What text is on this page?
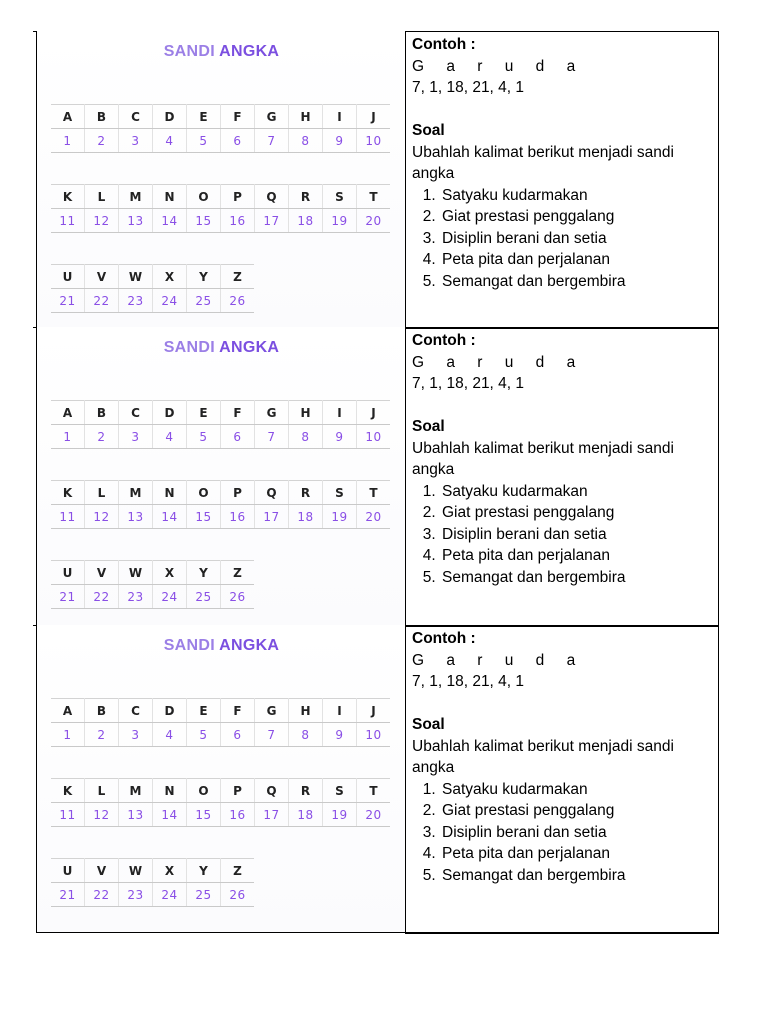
SANDI ANGKA
A	B	C	D	E	F	G	H	I	J
1	2	3	4	5	6	7	8	9	10
K	L	M	N	O	P	Q	R	S	T
11	12	13	14	15	16	17	18	19	20
U	V	W	X	Y	Z
21	22	23	24	25	26
Contoh :
G a r u d a
7, 1, 18, 21, 4, 1
Soal
Ubahlah kalimat berikut menjadi sandi angka
1. Satyaku kudarmakan
2. Giat prestasi penggalang
3. Disiplin berani dan setia
4. Peta pita dan perjalanan
5. Semangat dan bergembira
SANDI ANGKA
A	B	C	D	E	F	G	H	I	J
1	2	3	4	5	6	7	8	9	10
K	L	M	N	O	P	Q	R	S	T
11	12	13	14	15	16	17	18	19	20
U	V	W	X	Y	Z
21	22	23	24	25	26
Contoh :
G a r u d a
7, 1, 18, 21, 4, 1
Soal
Ubahlah kalimat berikut menjadi sandi angka
1. Satyaku kudarmakan
2. Giat prestasi penggalang
3. Disiplin berani dan setia
4. Peta pita dan perjalanan
5. Semangat dan bergembira
SANDI ANGKA
A	B	C	D	E	F	G	H	I	J
1	2	3	4	5	6	7	8	9	10
K	L	M	N	O	P	Q	R	S	T
11	12	13	14	15	16	17	18	19	20
U	V	W	X	Y	Z
21	22	23	24	25	26
Contoh :
G a r u d a
7, 1, 18, 21, 4, 1
Soal
Ubahlah kalimat berikut menjadi sandi angka
1. Satyaku kudarmakan
2. Giat prestasi penggalang
3. Disiplin berani dan setia
4. Peta pita dan perjalanan
5. Semangat dan bergembira
